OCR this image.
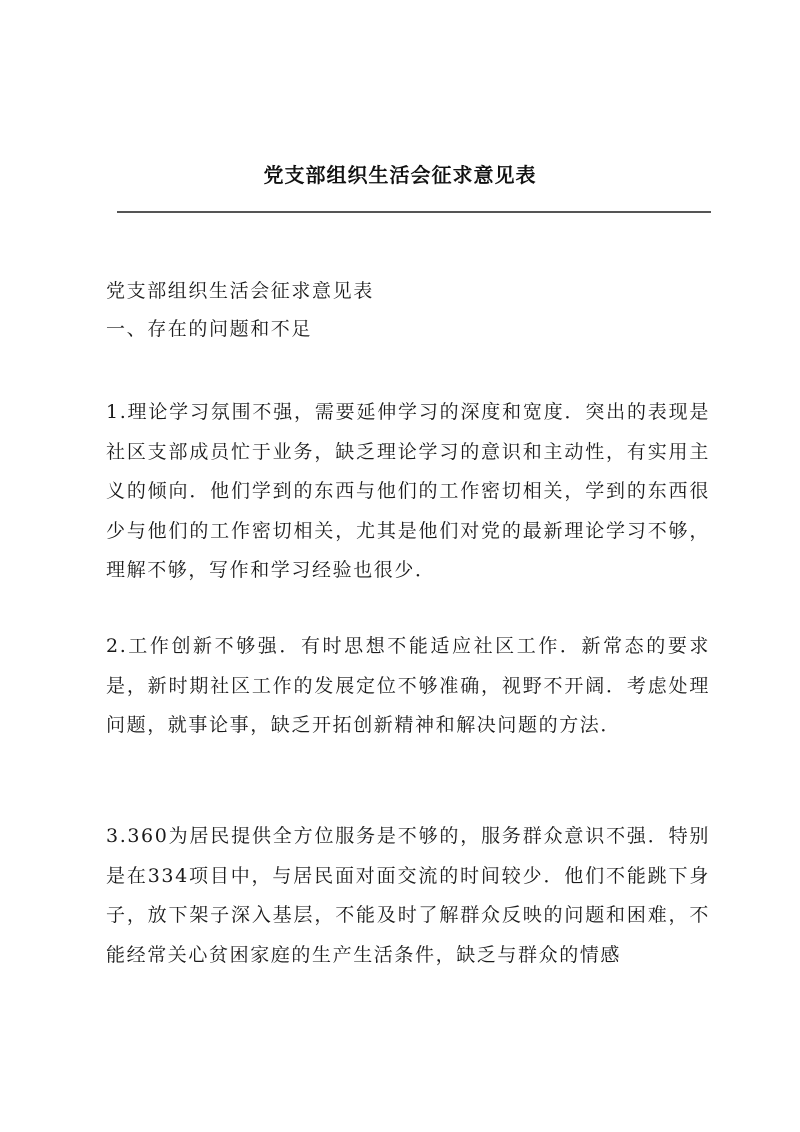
党支部组织生活会征求意见表

党支部组织生活会征求意见表

一、存在的问题和不足

1.理论学习氛围不强，需要延伸学习的深度和宽度．突出的表现是社区支部成员忙于业务，缺乏理论学习的意识和主动性，有实用主义的倾向．他们学到的东西与他们的工作密切相关，学到的东西很少与他们的工作密切相关，尤其是他们对党的最新理论学习不够，理解不够，写作和学习经验也很少．

2.工作创新不够强．有时思想不能适应社区工作．新常态的要求是，新时期社区工作的发展定位不够准确，视野不开阔．考虑处理问题，就事论事，缺乏开拓创新精神和解决问题的方法．

3.360为居民提供全方位服务是不够的，服务群众意识不强．特别是在334项目中，与居民面对面交流的时间较少．他们不能跳下身子，放下架子深入基层，不能及时了解群众反映的问题和困难，不能经常关心贫困家庭的生产生活条件，缺乏与群众的情感
